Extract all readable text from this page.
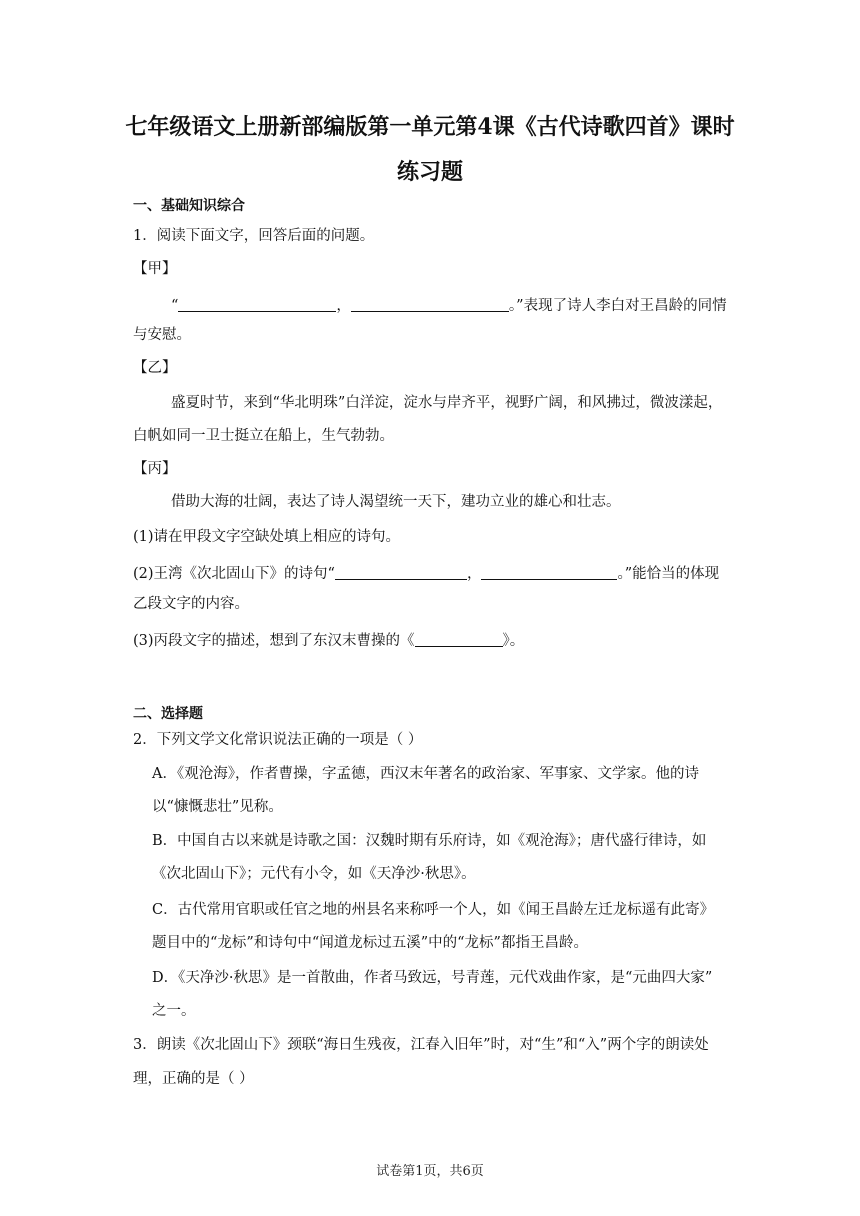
七年级语文上册新部编版第一单元第4课《古代诗歌四首》课时
练习题
一、基础知识综合
1．阅读下面文字，回答后面的问题。
【甲】
“	，	。”表现了诗人李白对王昌龄的同情
与安慰。
【乙】
盛夏时节，来到“华北明珠”白洋淀，淀水与岸齐平，视野广阔，和风拂过，微波漾起，
白帆如同一卫士挺立在船上，生气勃勃。
【丙】
借助大海的壮阔，表达了诗人渴望统一天下，建功立业的雄心和壮志。
(1)请在甲段文字空缺处填上相应的诗句。
(2)王湾《次北固山下》的诗句“	，	。”能恰当的体现
乙段文字的内容。
(3)丙段文字的描述，想到了东汉末曹操的《	》。
二、选择题
2．下列文学文化常识说法正确的一项是（ ）
A．《观沧海》，作者曹操，字孟德，西汉末年著名的政治家、军事家、文学家。他的诗
以“慷慨悲壮”见称。
B．中国自古以来就是诗歌之国：汉魏时期有乐府诗，如《观沧海》；唐代盛行律诗，如
《次北固山下》；元代有小令，如《天净沙·秋思》。
C．古代常用官职或任官之地的州县名来称呼一个人，如《闻王昌龄左迁龙标遥有此寄》
题目中的“龙标”和诗句中“闻道龙标过五溪”中的“龙标”都指王昌龄。
D．《天净沙·秋思》是一首散曲，作者马致远，号青莲，元代戏曲作家，是“元曲四大家”
之一。
3．朗读《次北固山下》颈联“海日生残夜，江春入旧年”时，对“生”和“入”两个字的朗读处
理，正确的是（ ）
试卷第1页，共6页
